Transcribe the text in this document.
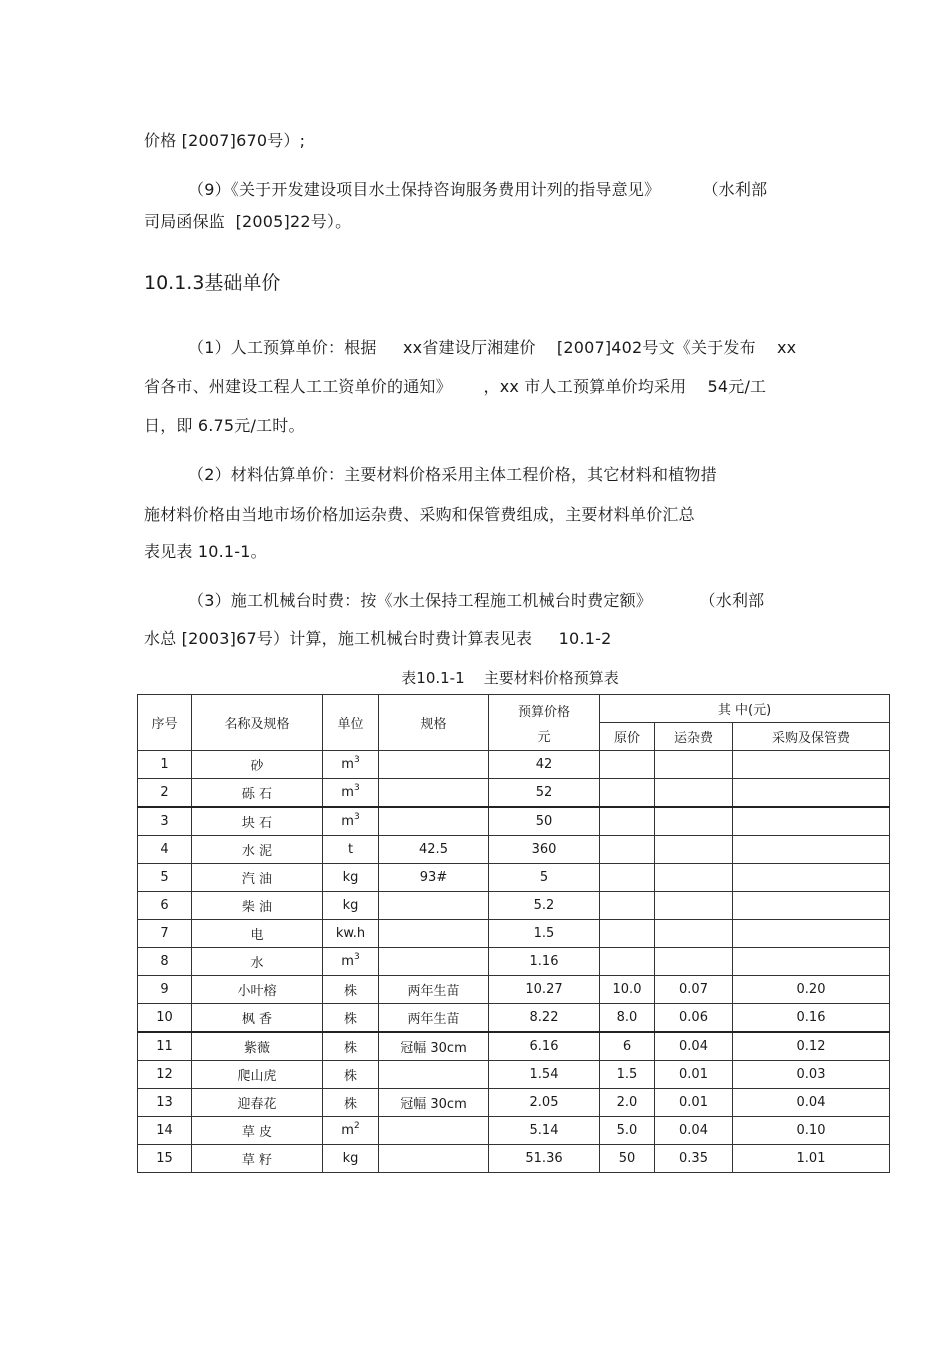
价格 [2007]670号）;
（9）《关于开发建设项目水土保持咨询服务费用计列的指导意见》        （水利部
司局函保监  [2005]22号）。
10.1.3基础单价
（1）人工预算单价：根据     xx省建设厅湘建价    [2007]402号文《关于发布    xx
省各市、州建设工程人工工资单价的通知》      ，xx 市人工预算单价均采用    54元/工
日，即 6.75元/工时。
（2）材料估算单价：主要材料价格采用主体工程价格，其它材料和植物措
施材料价格由当地市场价格加运杂费、采购和保管费组成，主要材料单价汇总
表见表 10.1-1。
（3）施工机械台时费：按《水土保持工程施工机械台时费定额》         （水利部
水总 [2003]67号）计算，施工机械台时费计算表见表     10.1-2
表10.1-1    主要材料价格预算表
序号	名称及规格	单位	规格	预算价格
元	其 中(元)		
					原价	运杂费	采购及保管费
1	砂	$m^3$		42			
2	砾 石	$m^3$		52			
3	块 石	$m^3$		50			
4	水 泥	t	42.5	360			
5	汽 油	kg	93#	5			
6	柴 油	kg		5.2			
7	电	kw.h		1.5			
8	水	$m^3$		1.16			
9	小叶榕	株	两年生苗	10.27	10.0	0.07	0.20
10	枫 香	株	两年生苗	8.22	8.0	0.06	0.16
11	紫薇	株	冠幅 30cm	6.16	6	0.04	0.12
12	爬山虎	株		1.54	1.5	0.01	0.03
13	迎春花	株	冠幅 30cm	2.05	2.0	0.01	0.04
14	草 皮	$m^2$		5.14	5.0	0.04	0.10
15	草 籽	kg		51.36	50	0.35	1.01
